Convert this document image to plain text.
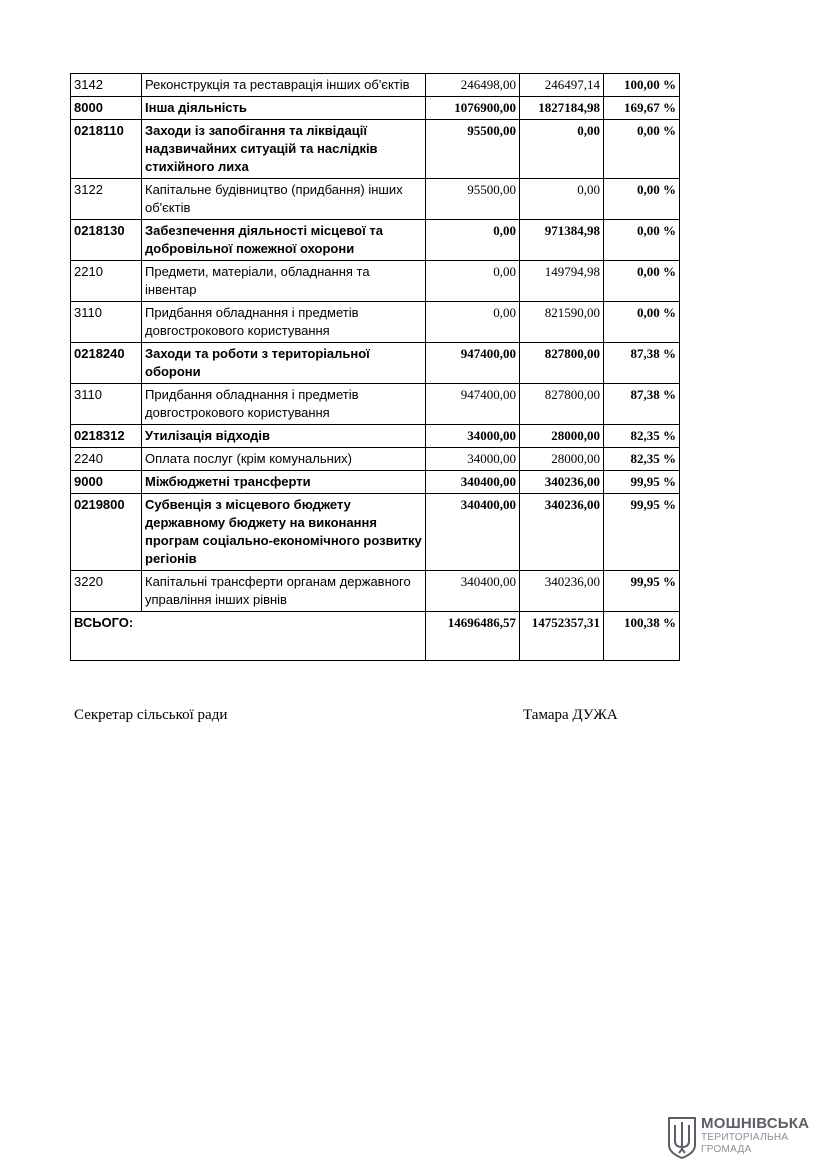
3142	Реконструкція та реставрація інших об'єктів	246498,00	246497,14	100,00 %
8000	Інша діяльність	1076900,00	1827184,98	169,67 %
0218110	Заходи із запобігання та ліквідації надзвичайних ситуацій та наслідків стихійного лиха	95500,00	0,00	0,00 %
3122	Капітальне будівництво (придбання) інших об'єктів	95500,00	0,00	0,00 %
0218130	Забезпечення діяльності місцевої та добровільної пожежної охорони	0,00	971384,98	0,00 %
2210	Предмети, матеріали, обладнання та інвентар	0,00	149794,98	0,00 %
3110	Придбання обладнання і предметів довгострокового користування	0,00	821590,00	0,00 %
0218240	Заходи та роботи з територіальної оборони	947400,00	827800,00	87,38 %
3110	Придбання обладнання і предметів довгострокового користування	947400,00	827800,00	87,38 %
0218312	Утилізація відходів	34000,00	28000,00	82,35 %
2240	Оплата послуг (крім комунальних)	34000,00	28000,00	82,35 %
9000	Міжбюджетні трансферти	340400,00	340236,00	99,95 %
0219800	Субвенція з місцевого бюджету державному бюджету на виконання програм соціально-економічного розвитку регіонів	340400,00	340236,00	99,95 %
3220	Капітальні трансферти органам державного управління інших рівнів	340400,00	340236,00	99,95 %
ВСЬОГО:		14696486,57	14752357,31	100,38 %
Секретар сільської ради	Тамара ДУЖА
МОШНІВСЬКА
ТЕРИТОРІАЛЬНА
ГРОМАДА
